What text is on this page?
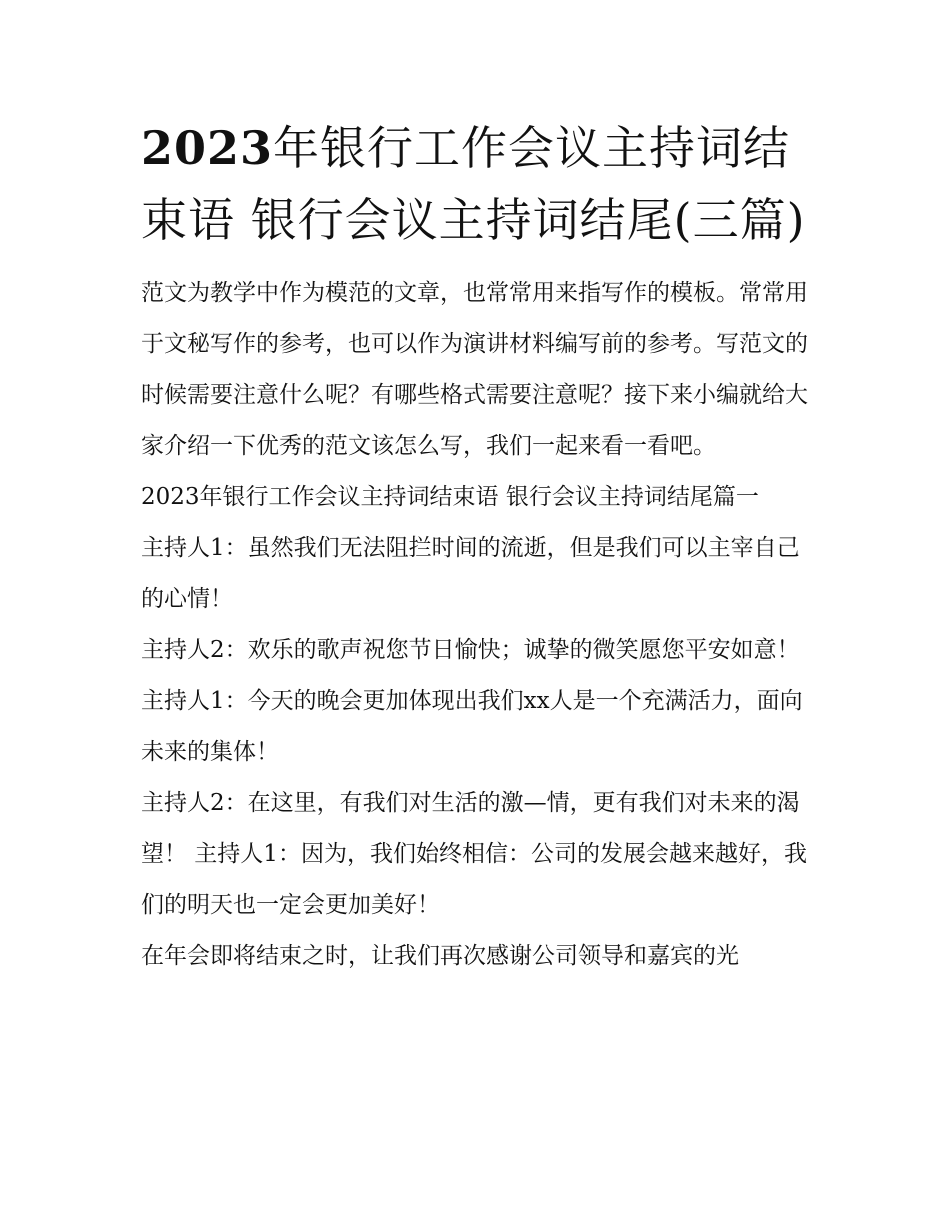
2023年银行工作会议主持词结束语 银行会议主持词结尾(三篇)

范文为教学中作为模范的文章，也常常用来指写作的模板。常常用于文秘写作的参考，也可以作为演讲材料编写前的参考。写范文的时候需要注意什么呢？有哪些格式需要注意呢？接下来小编就给大家介绍一下优秀的范文该怎么写，我们一起来看一看吧。

2023年银行工作会议主持词结束语 银行会议主持词结尾篇一

主持人1：虽然我们无法阻拦时间的流逝，但是我们可以主宰自己的心情！

主持人2：欢乐的歌声祝您节日愉快；诚挚的微笑愿您平安如意！ 主持人1：今天的晚会更加体现出我们xx人是一个充满活力，面向未来的集体！

主持人2：在这里，有我们对生活的激—情，更有我们对未来的渴望！ 主持人1：因为，我们始终相信：公司的发展会越来越好，我们的明天也一定会更加美好！

在年会即将结束之时，让我们再次感谢公司领导和嘉宾的光
